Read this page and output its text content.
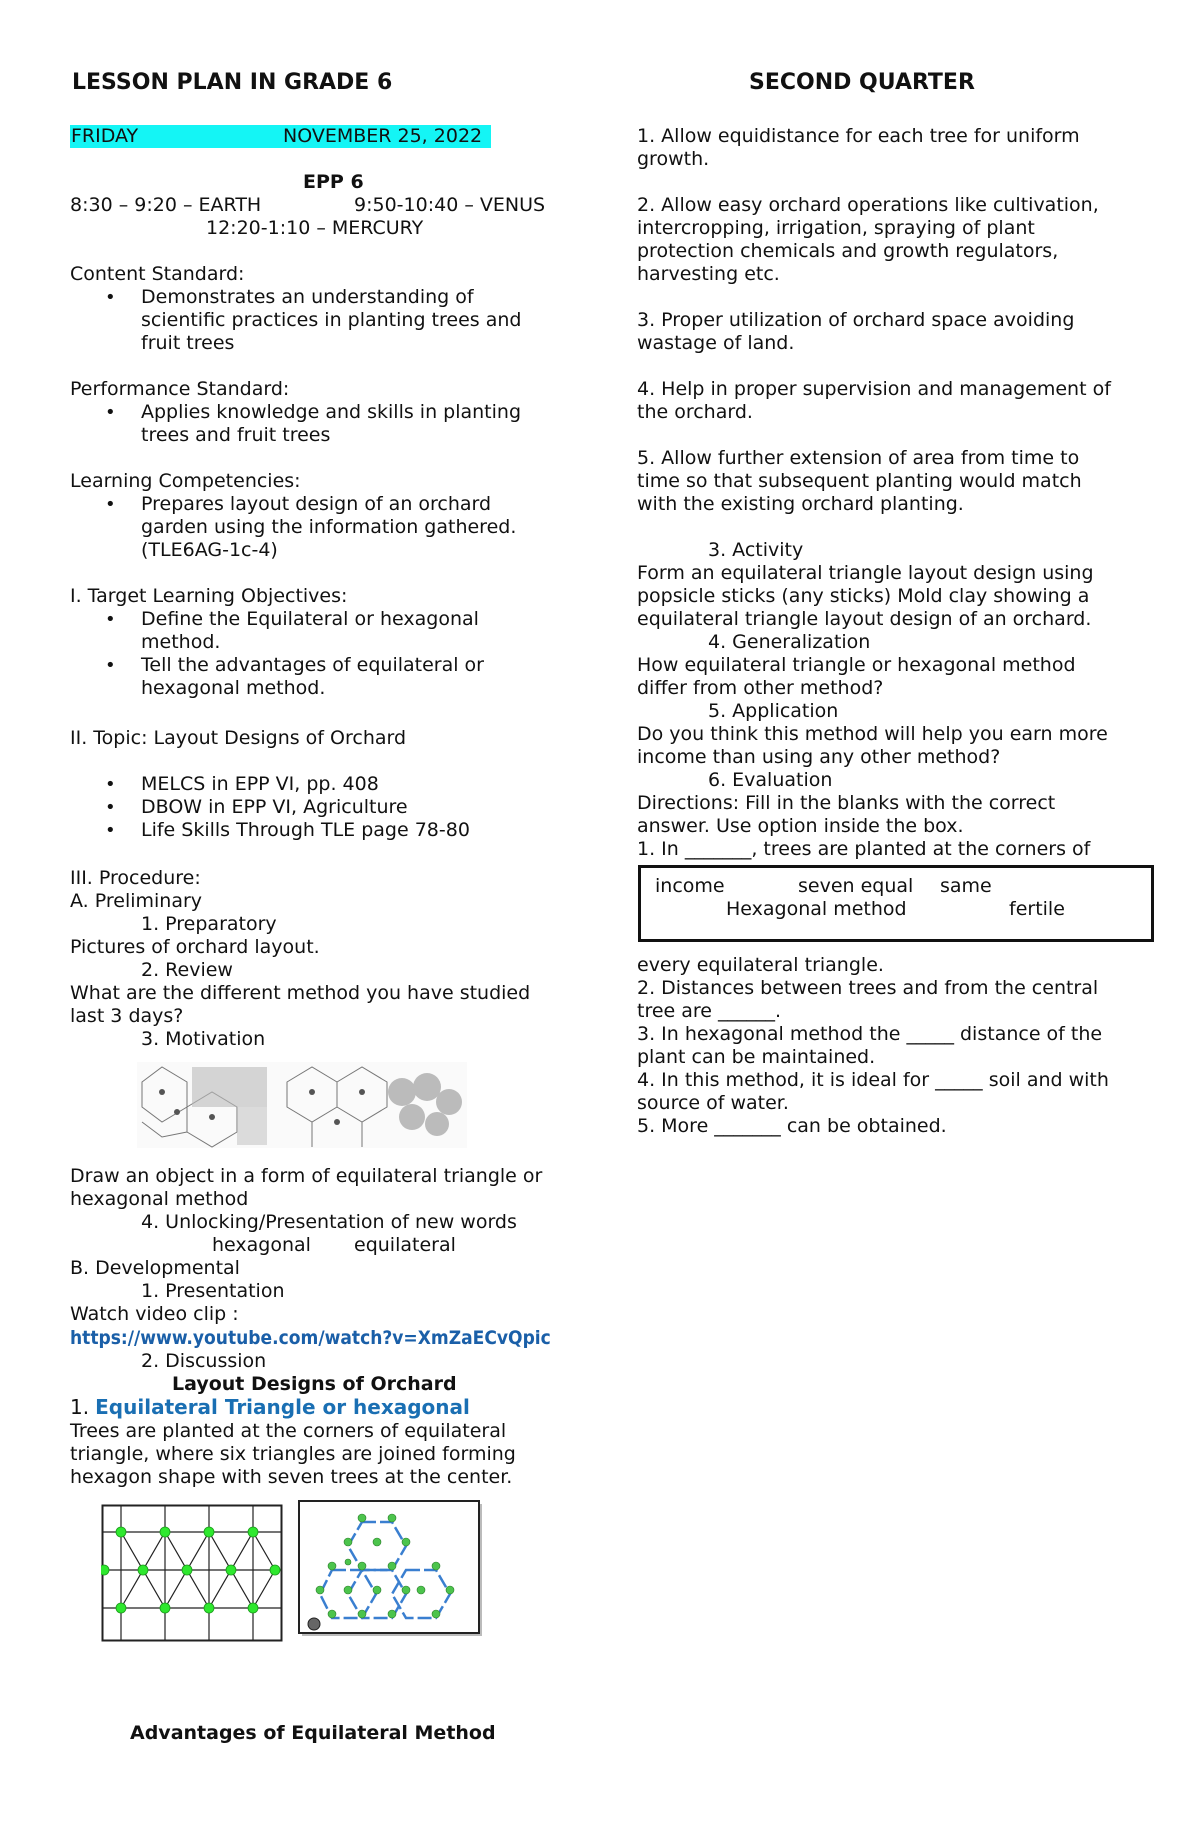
LESSON PLAN IN GRADE 6	SECOND QUARTER
FRIDAY	NOVEMBER 25, 2022
EPP 6
8:30 – 9:20 – EARTH	9:50-10:40 – VENUS
12:20-1:10 – MERCURY
Content Standard:
• Demonstrates an understanding of
scientific practices in planting trees and
fruit trees
Performance Standard:
• Applies knowledge and skills in planting
trees and fruit trees
Learning Competencies:
• Prepares layout design of an orchard
garden using the information gathered.
(TLE6AG-1c-4)
I. Target Learning Objectives:
• Define the Equilateral or hexagonal
method.
• Tell the advantages of equilateral or
hexagonal method.
II. Topic: Layout Designs of Orchard
• MELCS in EPP VI, pp. 408
• DBOW in EPP VI, Agriculture
• Life Skills Through TLE page 78-80
III. Procedure:
A. Preliminary
1. Preparatory
Pictures of orchard layout.
2. Review
What are the different method you have studied
last 3 days?
3. Motivation
Draw an object in a form of equilateral triangle or
hexagonal method
4. Unlocking/Presentation of new words
hexagonal equilateral
B. Developmental
1. Presentation
Watch video clip :
https://www.youtube.com/watch?v=XmZaECvQpic
2. Discussion
Layout Designs of Orchard
1. Equilateral Triangle or hexagonal
Trees are planted at the corners of equilateral
triangle, where six triangles are joined forming
hexagon shape with seven trees at the center.
Advantages of Equilateral Method
1. Allow equidistance for each tree for uniform
growth.
2. Allow easy orchard operations like cultivation,
intercropping, irrigation, spraying of plant
protection chemicals and growth regulators,
harvesting etc.
3. Proper utilization of orchard space avoiding
wastage of land.
4. Help in proper supervision and management of
the orchard.
5. Allow further extension of area from time to
time so that subsequent planting would match
with the existing orchard planting.
3. Activity
Form an equilateral triangle layout design using
popsicle sticks (any sticks) Mold clay showing a
equilateral triangle layout design of an orchard.
4. Generalization
How equilateral triangle or hexagonal method
differ from other method?
5. Application
Do you think this method will help you earn more
income than using any other method?
6. Evaluation
Directions: Fill in the blanks with the correct
answer. Use option inside the box.
1. In _______, trees are planted at the corners of
income	seven equal same
Hexagonal method	fertile
every equilateral triangle.
2. Distances between trees and from the central
tree are ______.
3. In hexagonal method the _____ distance of the
plant can be maintained.
4. In this method, it is ideal for _____ soil and with
source of water.
5. More _______ can be obtained.
